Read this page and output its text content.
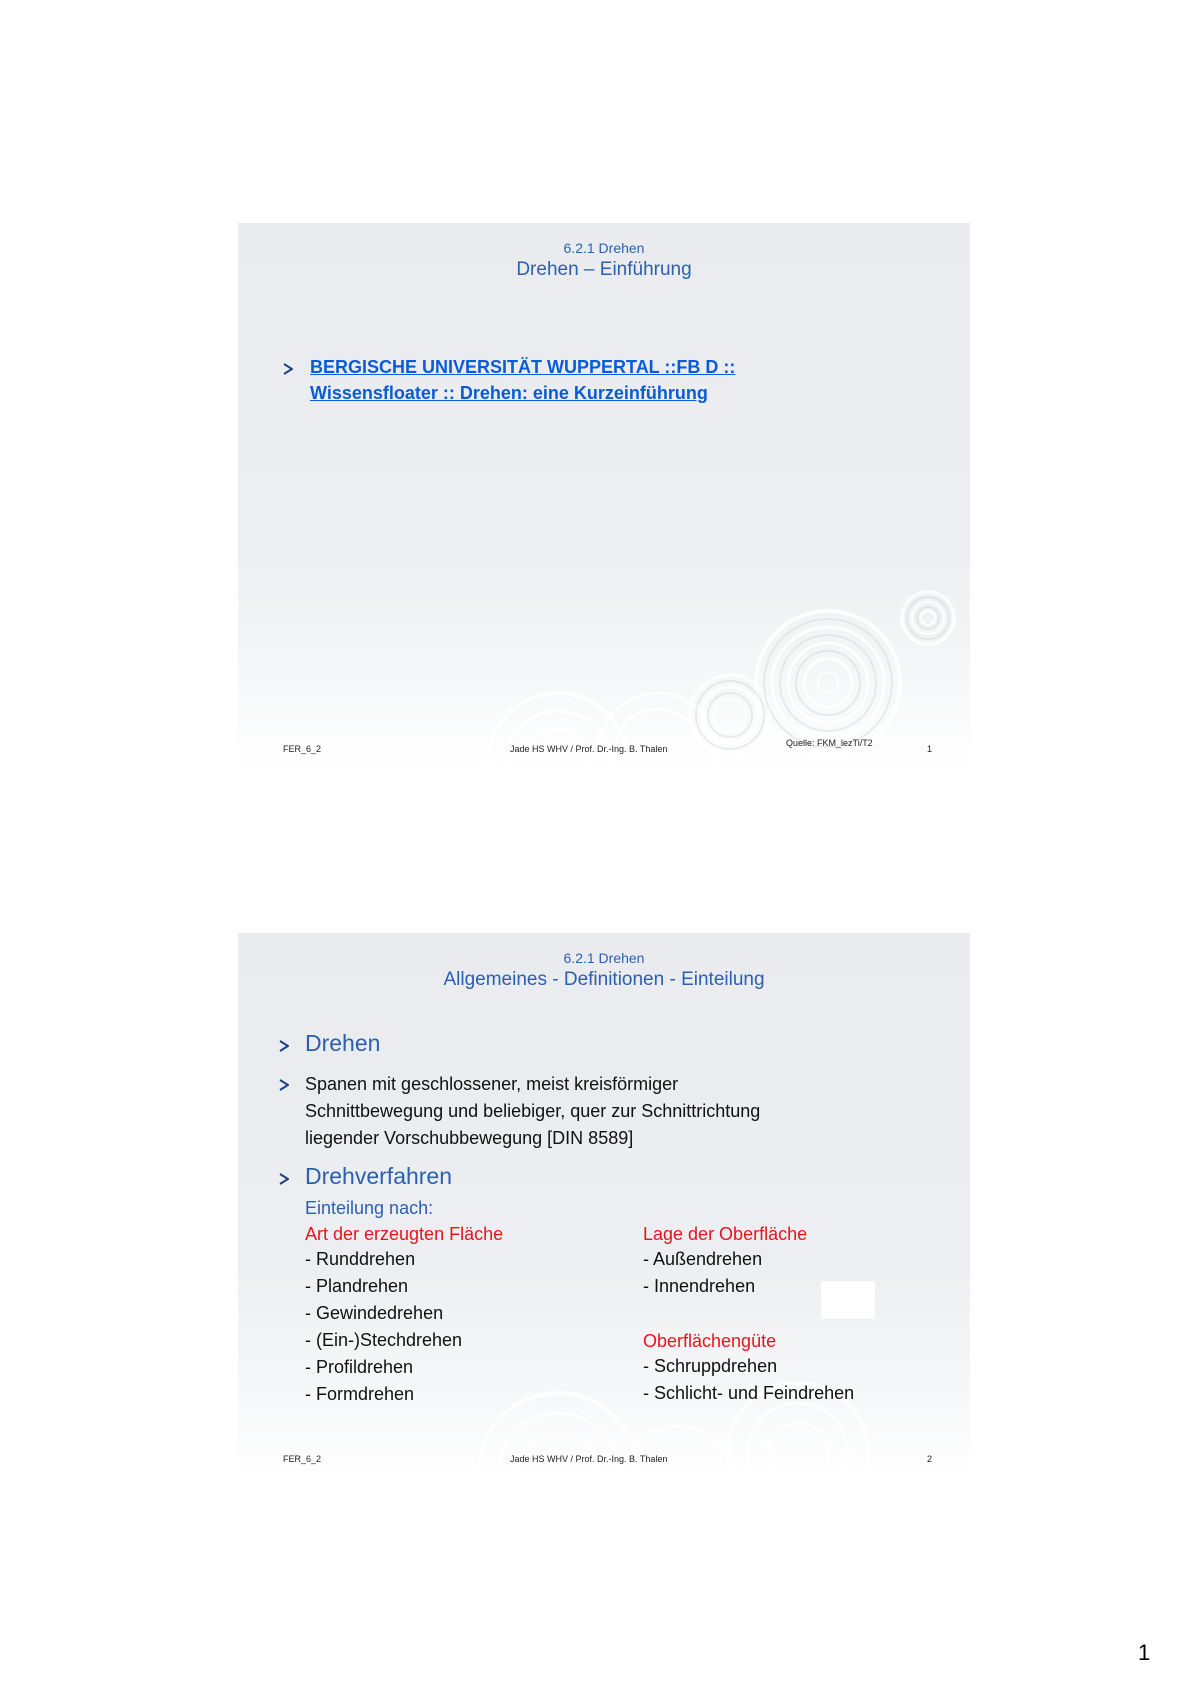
6.2.1 Drehen
Drehen – Einführung
BERGISCHE UNIVERSITÄT WUPPERTAL ::FB D ::
Wissensfloater :: Drehen: eine Kurzeinführung
FER_6_2	Jade HS WHV / Prof. Dr.-Ing. B. Thalen
Quelle: FKM_lezTi/T2
1
6.2.1 Drehen
Allgemeines - Definitionen - Einteilung
Drehen
Spanen mit geschlossener, meist kreisförmiger
Schnittbewegung und beliebiger, quer zur Schnittrichtung
liegender Vorschubbewegung [DIN 8589]
Drehverfahren
Einteilung nach:
Art der erzeugten Fläche
- Runddrehen
- Plandrehen
- Gewindedrehen
- (Ein-)Stechdrehen
- Profildrehen
- Formdrehen
Lage der Oberfläche
- Außendrehen
- Innendrehen
Oberflächengüte
- Schruppdrehen
- Schlicht- und Feindrehen
FER_6_2	Jade HS WHV / Prof. Dr.-Ing. B. Thalen	2
1
